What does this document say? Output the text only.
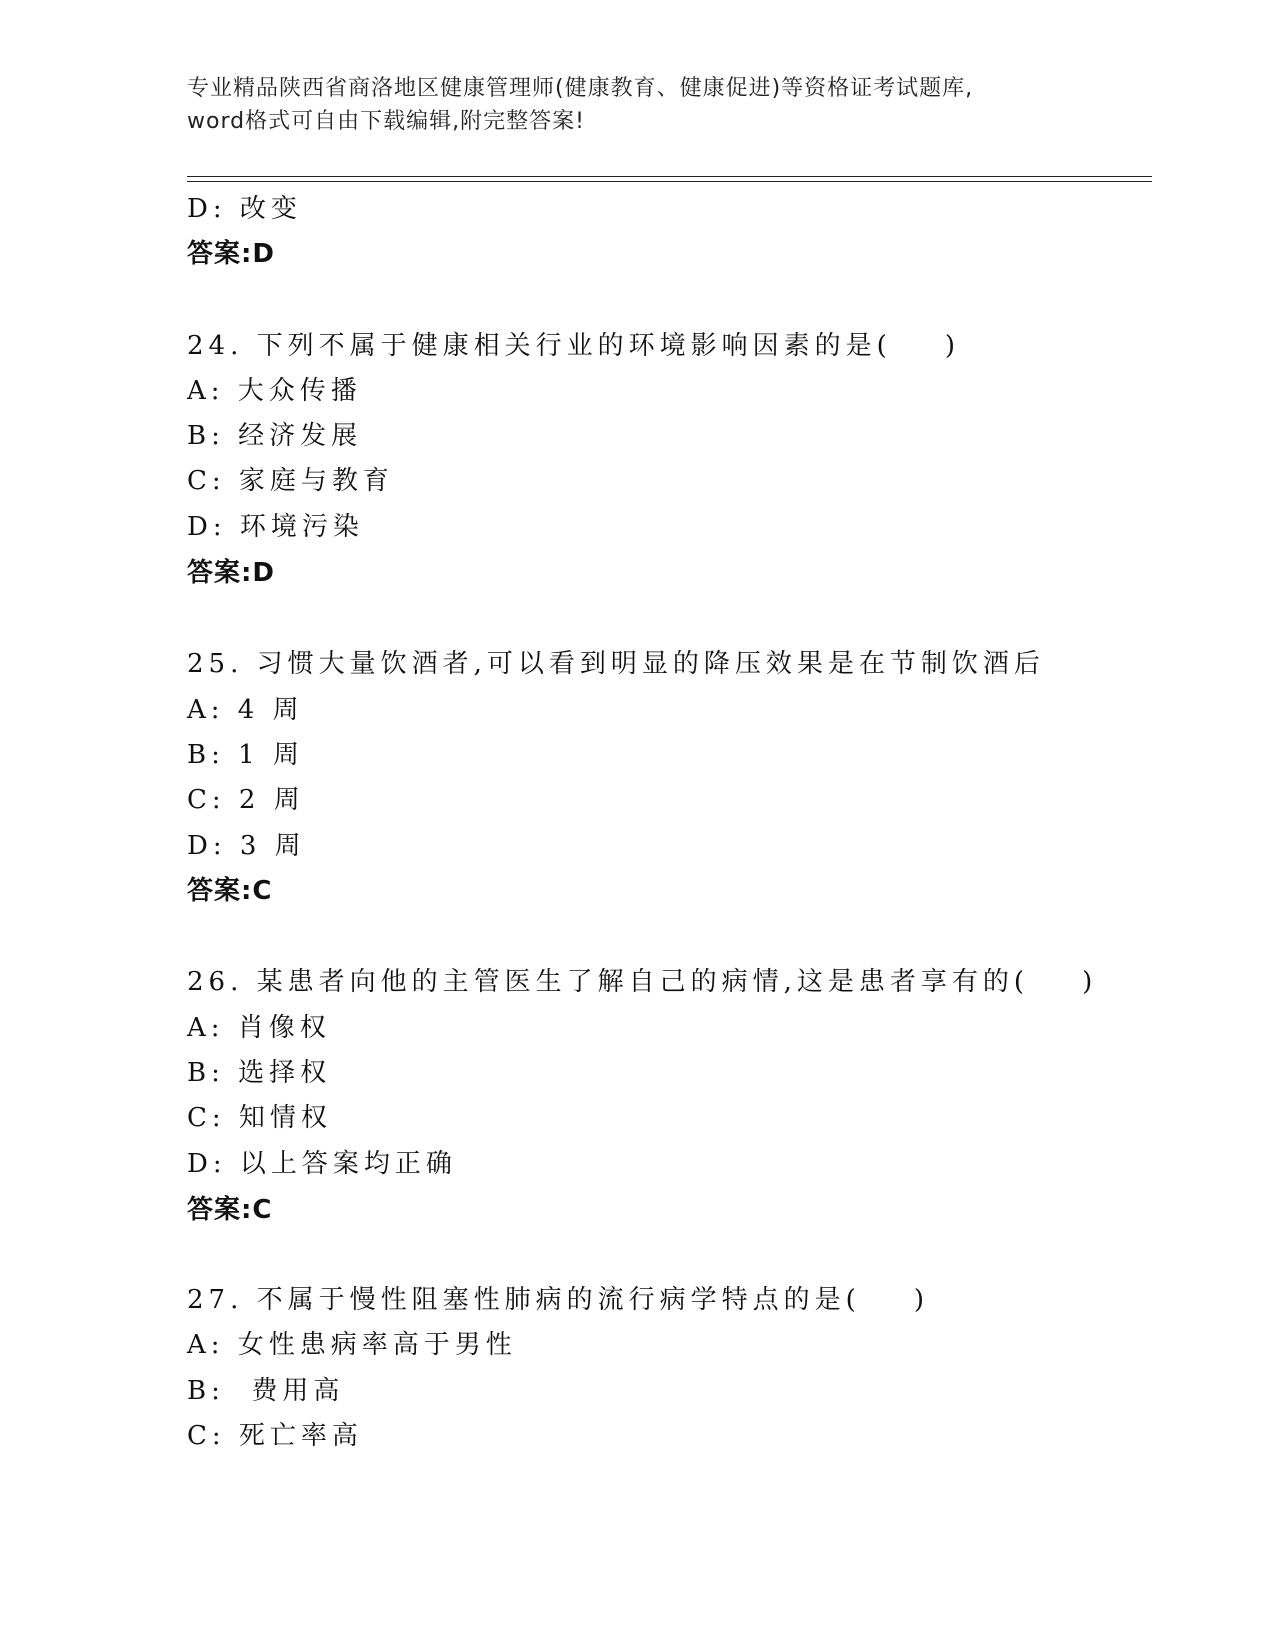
专业精品陕西省商洛地区健康管理师(健康教育、健康促进)等资格证考试题库,
word格式可自由下载编辑,附完整答案!
D: 改变
答案:D
24. 下列不属于健康相关行业的环境影响因素的是(    )
A: 大众传播
B: 经济发展
C: 家庭与教育
D: 环境污染
答案:D
25. 习惯大量饮酒者,可以看到明显的降压效果是在节制饮酒后
A: 4 周
B: 1 周
C: 2 周
D: 3 周
答案:C
26. 某患者向他的主管医生了解自己的病情,这是患者享有的(    )
A: 肖像权
B: 选择权
C: 知情权
D: 以上答案均正确
答案:C
27. 不属于慢性阻塞性肺病的流行病学特点的是(    )
A: 女性患病率高于男性
B:  费用高
C: 死亡率高
